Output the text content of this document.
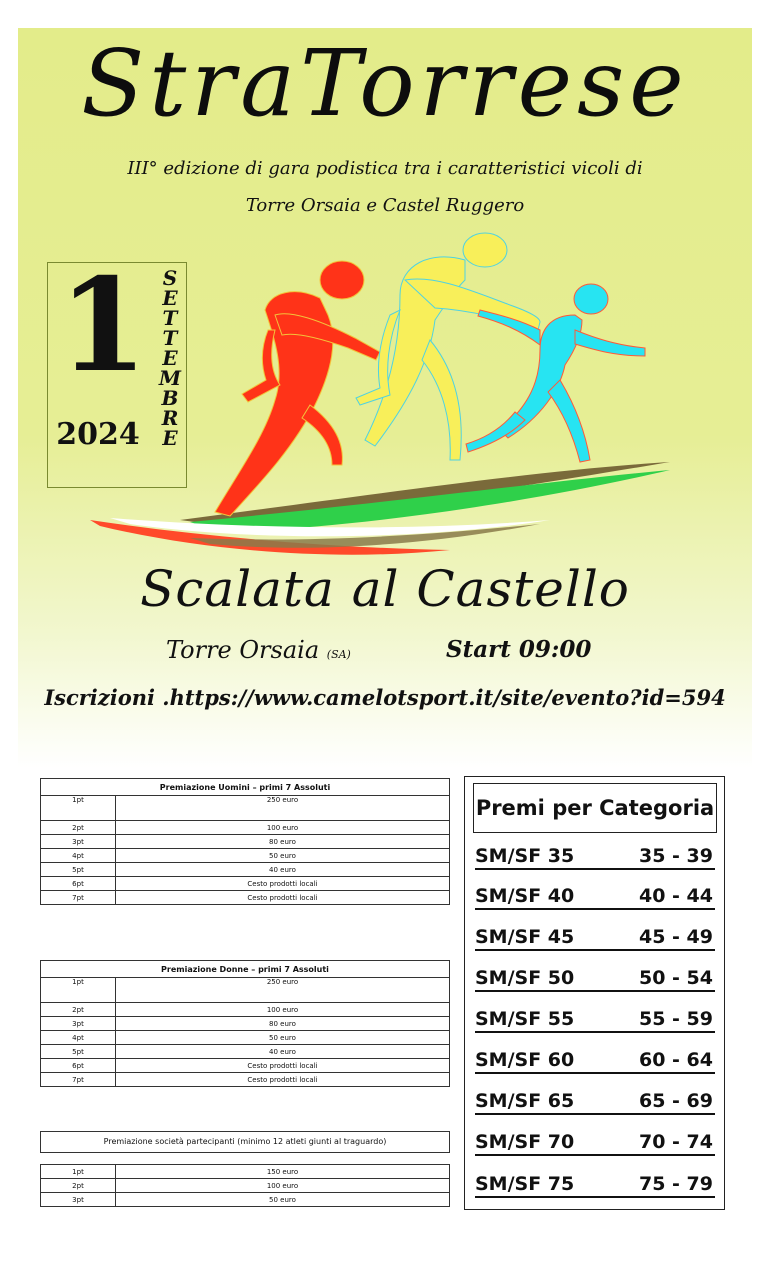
StraTorrese
III° edizione di gara podistica tra i caratteristici vicoli di
Torre Orsaia e Castel Ruggero
1
2024
S
E
T
T
E
M
B
R
E
Scalata al Castello
Torre Orsaia (SA)	Start 09:00
Iscrizioni .https://www.camelotsport.it/site/evento?id=594
Premiazione Uomini – primi 7 Assoluti	
1pt	250 euro
2pt	100 euro
3pt	80 euro
4pt	50 euro
5pt	40 euro
6pt	Cesto prodotti locali
7pt	Cesto prodotti locali
Premiazione Donne – primi 7 Assoluti	
1pt	250 euro
2pt	100 euro
3pt	80 euro
4pt	50 euro
5pt	40 euro
6pt	Cesto prodotti locali
7pt	Cesto prodotti locali
Premiazione società partecipanti (minimo 12 atleti giunti al traguardo)
1pt	150 euro
2pt	100 euro
3pt	50 euro
Premi per Categoria
SM/SF 35	35 - 39
SM/SF 40	40 - 44
SM/SF 45	45 - 49
SM/SF 50	50 - 54
SM/SF 55	55 - 59
SM/SF 60	60 - 64
SM/SF 65	65 - 69
SM/SF 70	70 - 74
SM/SF 75	75 - 79
